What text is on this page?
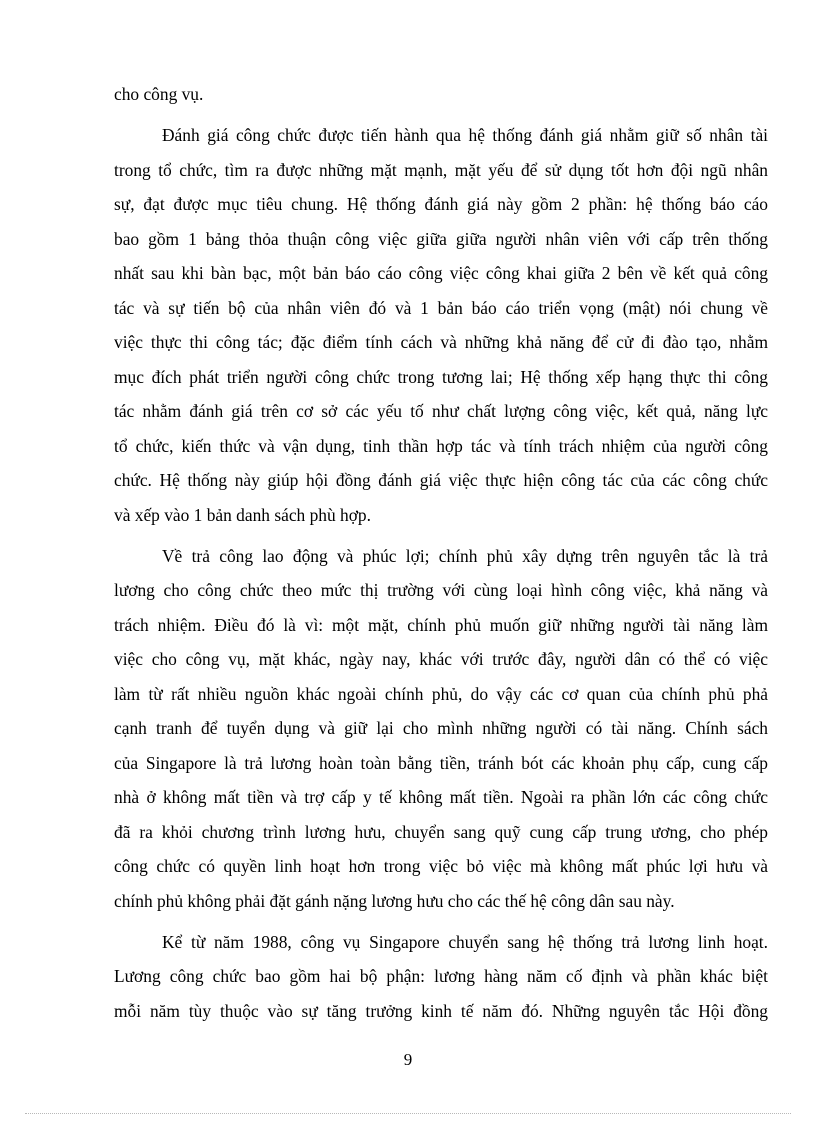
cho công vụ.
Đánh giá công chức được tiến hành qua hệ thống đánh giá nhằm giữ số nhân tài
trong tổ chức, tìm ra được những mặt mạnh, mặt yếu để sử dụng tốt hơn đội ngũ nhân
sự, đạt được mục tiêu chung. Hệ thống đánh giá này gồm 2 phần: hệ thống báo cáo
bao gồm 1 bảng thỏa thuận công việc giữa giữa người nhân viên với cấp trên thống
nhất sau khi bàn bạc, một bản báo cáo công việc công khai giữa 2 bên về kết quả công
tác và sự tiến bộ của nhân viên đó và 1 bản báo cáo triển vọng (mật) nói chung về
việc thực thi công tác; đặc điểm tính cách và những khả năng để cử đi đào tạo, nhằm
mục đích phát triển người công chức trong tương lai; Hệ thống xếp hạng thực thi công
tác nhằm đánh giá trên cơ sở các yếu tố như chất lượng công việc, kết quả, năng lực
tổ chức, kiến thức và vận dụng, tinh thần hợp tác và tính trách nhiệm của người công
chức. Hệ thống này giúp hội đồng đánh giá việc thực hiện công tác của các công chức
và xếp vào 1 bản danh sách phù hợp.
Về trả công lao động và phúc lợi; chính phủ xây dựng trên nguyên tắc là trả
lương cho công chức theo mức thị trường với cùng loại hình công việc, khả năng và
trách nhiệm. Điều đó là vì: một mặt, chính phủ muốn giữ những người tài năng làm
việc cho công vụ, mặt khác, ngày nay, khác với trước đây, người dân có thể có việc
làm từ rất nhiều nguồn khác ngoài chính phủ, do vậy các cơ quan của chính phủ phả
cạnh tranh để tuyển dụng và giữ lại cho mình những người có tài năng. Chính sách
của Singapore là trả lương hoàn toàn bằng tiền, tránh bót các khoản phụ cấp, cung cấp
nhà ở không mất tiền và trợ cấp y tế không mất tiền. Ngoài ra phần lớn các công chức
đã ra khỏi chương trình lương hưu, chuyển sang quỹ cung cấp trung ương, cho phép
công chức có quyền linh hoạt hơn trong việc bỏ việc mà không mất phúc lợi hưu và
chính phủ không phải đặt gánh nặng lương hưu cho các thế hệ công dân sau này.
Kể từ năm 1988, công vụ Singapore chuyển sang hệ thống trả lương linh hoạt.
Lương công chức bao gồm hai bộ phận: lương hàng năm cố định và phần khác biệt
mỗi năm tùy thuộc vào sự tăng trưởng kinh tế năm đó. Những nguyên tắc Hội đồng
9
